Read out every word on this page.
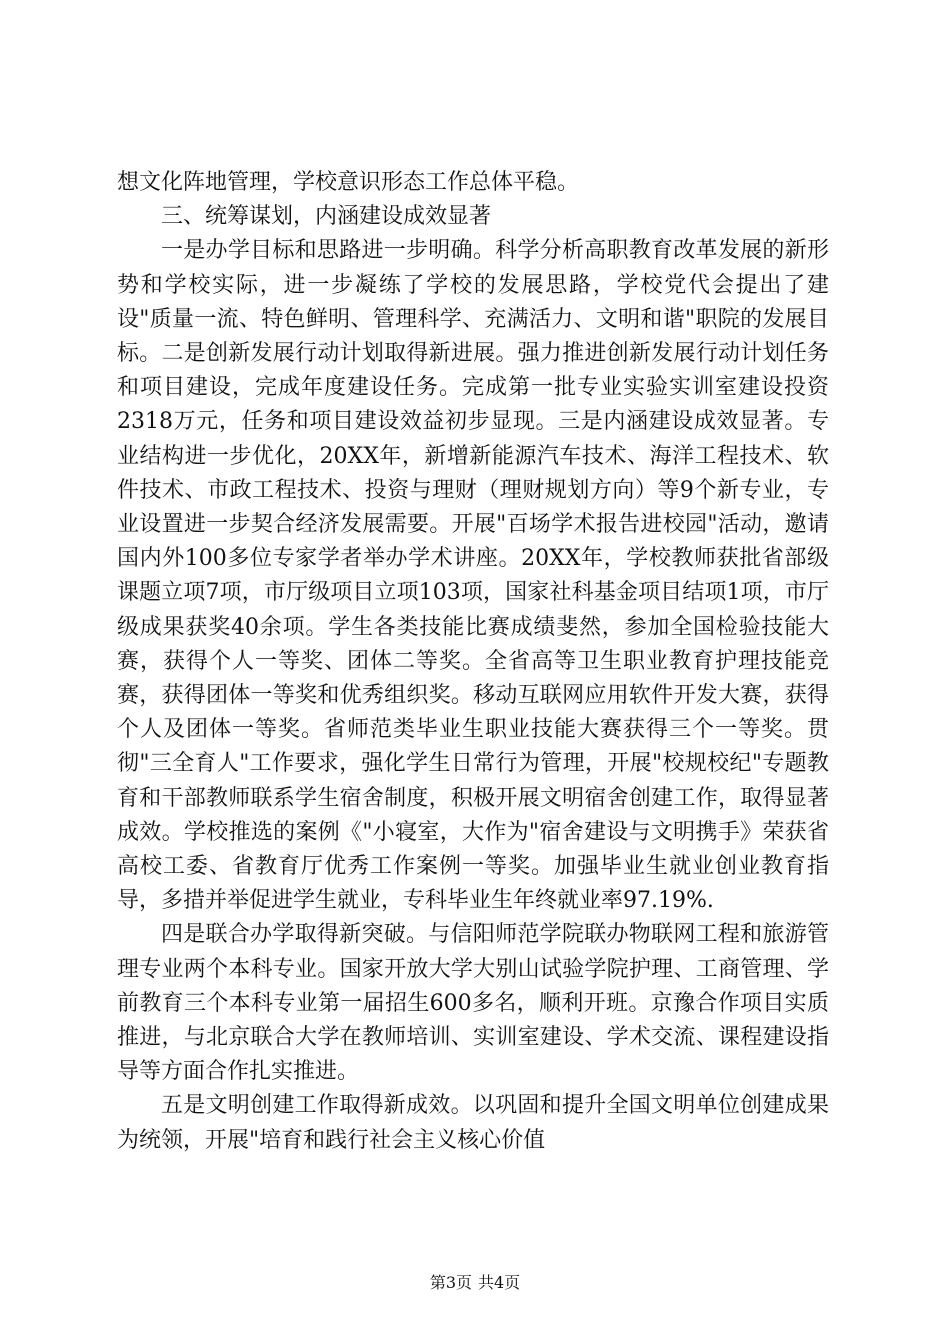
想文化阵地管理，学校意识形态工作总体平稳。

三、统筹谋划，内涵建设成效显著

一是办学目标和思路进一步明确。科学分析高职教育改革发展的新形势和学校实际，进一步凝练了学校的发展思路，学校党代会提出了建设"质量一流、特色鲜明、管理科学、充满活力、文明和谐"职院的发展目标。二是创新发展行动计划取得新进展。强力推进创新发展行动计划任务和项目建设，完成年度建设任务。完成第一批专业实验实训室建设投资2318万元，任务和项目建设效益初步显现。三是内涵建设成效显著。专业结构进一步优化，20XX年，新增新能源汽车技术、海洋工程技术、软件技术、市政工程技术、投资与理财（理财规划方向）等9个新专业，专业设置进一步契合经济发展需要。开展"百场学术报告进校园"活动，邀请国内外100多位专家学者举办学术讲座。20XX年，学校教师获批省部级课题立项7项，市厅级项目立项103项，国家社科基金项目结项1项，市厅级成果获奖40余项。学生各类技能比赛成绩斐然，参加全国检验技能大赛，获得个人一等奖、团体二等奖。全省高等卫生职业教育护理技能竞赛，获得团体一等奖和优秀组织奖。移动互联网应用软件开发大赛，获得个人及团体一等奖。省师范类毕业生职业技能大赛获得三个一等奖。贯彻"三全育人"工作要求，强化学生日常行为管理，开展"校规校纪"专题教育和干部教师联系学生宿舍制度，积极开展文明宿舍创建工作，取得显著成效。学校推选的案例《"小寝室，大作为"宿舍建设与文明携手》荣获省高校工委、省教育厅优秀工作案例一等奖。加强毕业生就业创业教育指导，多措并举促进学生就业，专科毕业生年终就业率97.19%.

四是联合办学取得新突破。与信阳师范学院联办物联网工程和旅游管理专业两个本科专业。国家开放大学大别山试验学院护理、工商管理、学前教育三个本科专业第一届招生600多名，顺利开班。京豫合作项目实质推进，与北京联合大学在教师培训、实训室建设、学术交流、课程建设指导等方面合作扎实推进。

五是文明创建工作取得新成效。以巩固和提升全国文明单位创建成果为统领，开展"培育和践行社会主义核心价值

第3页 共4页
